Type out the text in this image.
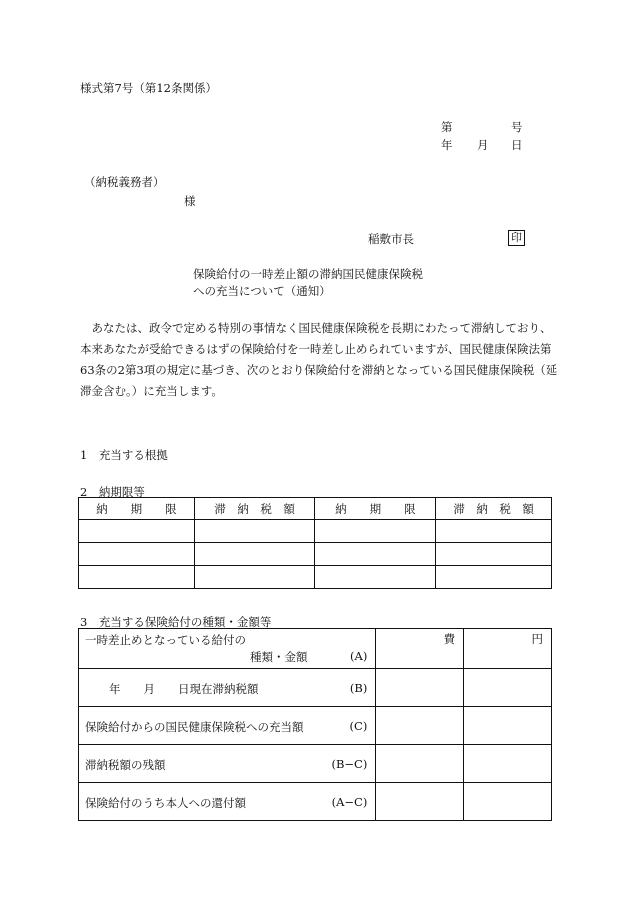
様式第7号（第12条関係）
第	号
年 月 日
（納税義務者）
様
稲敷市長	印
保険給付の一時差止額の滞納国民健康保険税
への充当について（通知）
　あなたは、政令で定める特別の事情なく国民健康保険税を長期にわたって滞納しており、本来あなたが受給できるはずの保険給付を一時差し止められていますが、国民健康保険法第63条の2第3項の規定に基づき、次のとおり保険給付を滞納となっている国民健康保険税（延滞金含む。）に充当します。
1　充当する根拠
2　納期限等
納　　期　　限	滞　納　税　額	納　　期　　限	滞　納　税　額

3　充当する保険給付の種類・金額等
一時差止めとなっている給付の
種類・金額 (A)	費	円

年　　月　　日現在滞納税額 (B)		

保険給付からの国民健康保険税への充当額 (C)		

滞納税額の残額 (B−C)		

保険給付のうち本人への還付額 (A−C)		
